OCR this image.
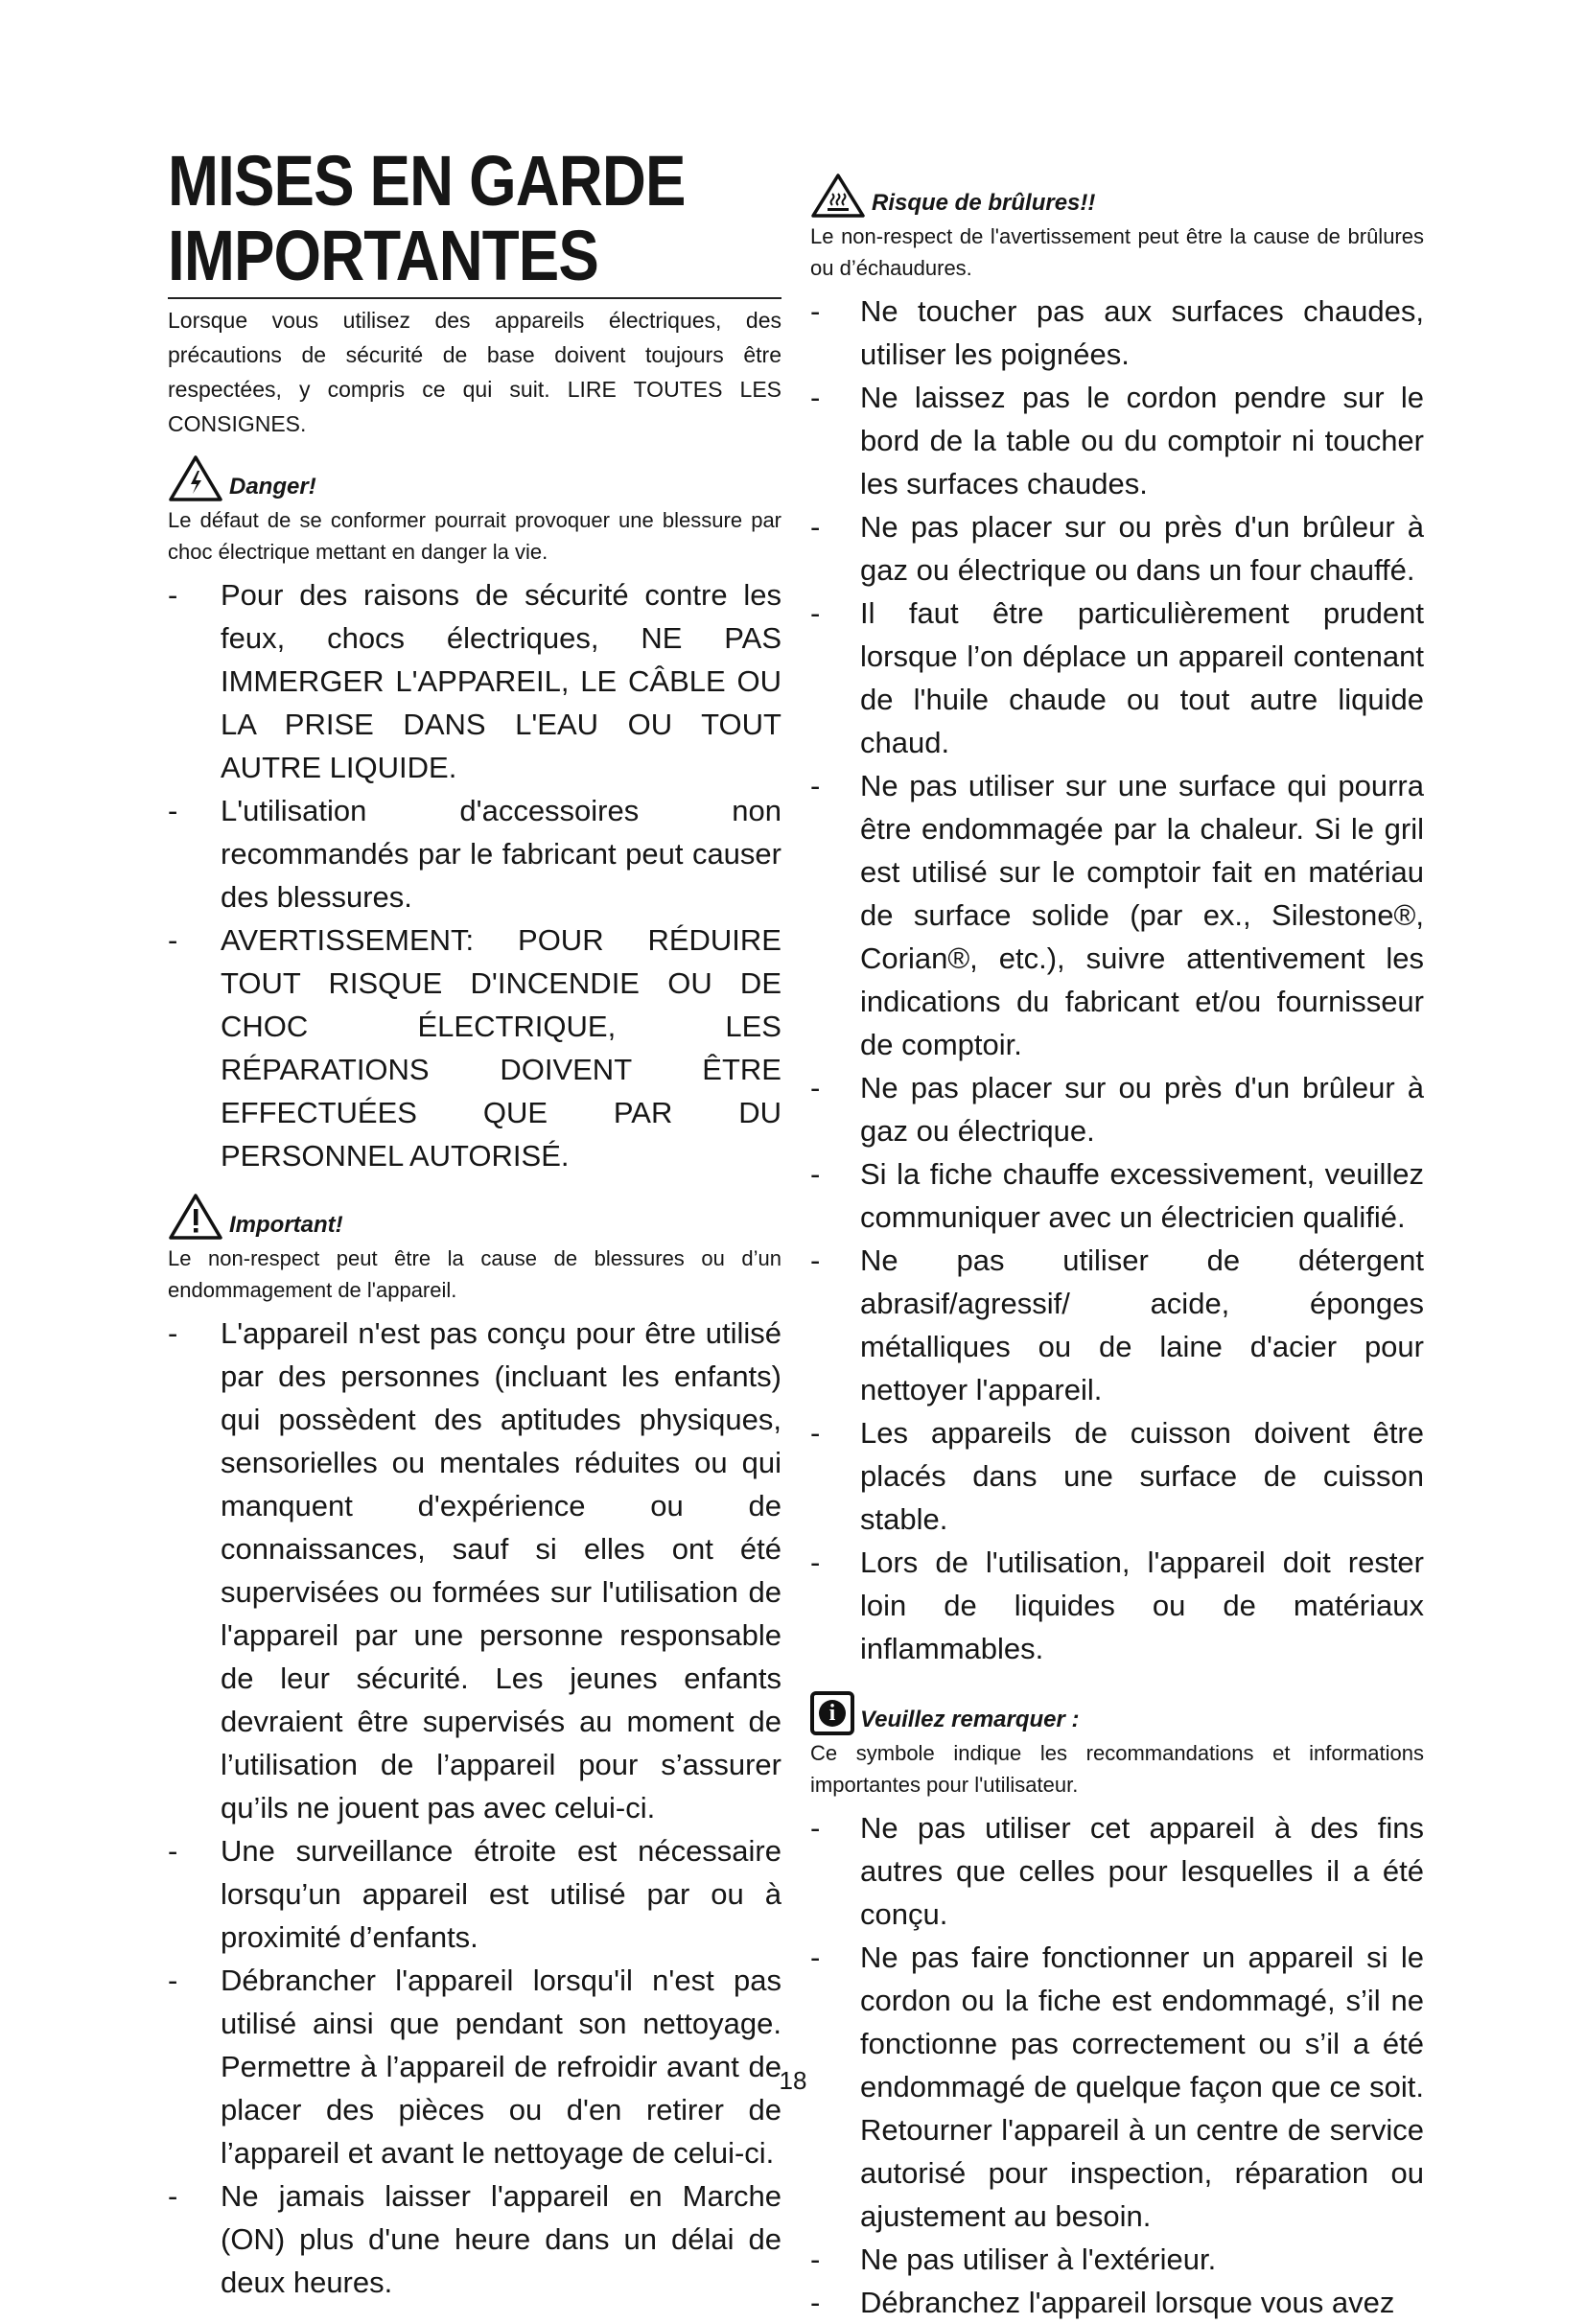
MISES EN GARDE
IMPORTANTES

Lorsque vous utilisez des appareils électriques, des précautions de sécurité de base doivent toujours être respectées, y compris ce qui suit. LIRE TOUTES LES CONSIGNES.

Danger!

Le défaut de se conformer pourrait provoquer une blessure par choc électrique mettant en danger la vie.

- Pour des raisons de sécurité contre les feux, chocs électriques, NE PAS IMMERGER L'APPAREIL, LE CÂBLE OU LA PRISE DANS L'EAU OU TOUT AUTRE LIQUIDE.
- L'utilisation d'accessoires non recommandés par le fabricant peut causer des blessures.
- AVERTISSEMENT: POUR RÉDUIRE TOUT RISQUE D'INCENDIE OU DE CHOC ÉLECTRIQUE, LES RÉPARATIONS DOIVENT ÊTRE EFFECTUÉES QUE PAR DU PERSONNEL AUTORISÉ.
Important!

Le non-respect peut être la cause de blessures ou d’un endommagement de l'appareil.

- L'appareil n'est pas conçu pour être utilisé par des personnes (incluant les enfants) qui possèdent des aptitudes physiques, sensorielles ou mentales réduites ou qui manquent d'expérience ou de connaissances, sauf si elles ont été supervisées ou formées sur l'utilisation de l'appareil par une personne responsable de leur sécurité. Les jeunes enfants devraient être supervisés au moment de l’utilisation de l’appareil pour s’assurer qu’ils ne jouent pas avec celui-ci.
- Une surveillance étroite est nécessaire lorsqu’un appareil est utilisé par ou à proximité d’enfants.
- Débrancher l'appareil lorsqu'il n'est pas utilisé ainsi que pendant son nettoyage. Permettre à l’appareil de refroidir avant de placer des pièces ou d'en retirer de l’appareil et avant le nettoyage de celui-ci.
- Ne jamais laisser l'appareil en Marche (ON) plus d'une heure dans un délai de deux heures.
Risque de brûlures!!

Le non-respect de l'avertissement peut être la cause de brûlures ou d’échaudures.

- Ne toucher pas aux surfaces chaudes, utiliser les poignées.
- Ne laissez pas le cordon pendre sur le bord de la table ou du comptoir ni toucher les surfaces chaudes.
- Ne pas placer sur ou près d'un brûleur à gaz ou électrique ou dans un four chauffé.
- Il faut être particulièrement prudent lorsque l’on déplace un appareil contenant de l'huile chaude ou tout autre liquide chaud.
- Ne pas utiliser sur une surface qui pourra être endommagée par la chaleur. Si le gril est utilisé sur le comptoir fait en matériau de surface solide (par ex., Silestone®, Corian®, etc.), suivre attentivement les indications du fabricant et/ou fournisseur de comptoir.
- Ne pas placer sur ou près d'un brûleur à gaz ou électrique.
- Si la fiche chauffe excessivement, veuillez communiquer avec un électricien qualifié.
- Ne pas utiliser de détergent abrasif/agressif/ acide, éponges métalliques ou de laine d'acier pour nettoyer l'appareil.
- Les appareils de cuisson doivent être placés dans une surface de cuisson stable.
- Lors de l'utilisation, l'appareil doit rester loin de liquides ou de matériaux inflammables.
i	Veuillez remarquer :

Ce symbole indique les recommandations et informations importantes pour l'utilisateur.

- Ne pas utiliser cet appareil à des fins autres que celles pour lesquelles il a été conçu.
- Ne pas faire fonctionner un appareil si le cordon ou la fiche est endommagé, s’il ne fonctionne pas correctement ou s’il a été endommagé de quelque façon que ce soit. Retourner l'appareil à un centre de service autorisé pour inspection, réparation ou ajustement au besoin.
- Ne pas utiliser à l'extérieur.
- Débranchez l'appareil lorsque vous avez
18
